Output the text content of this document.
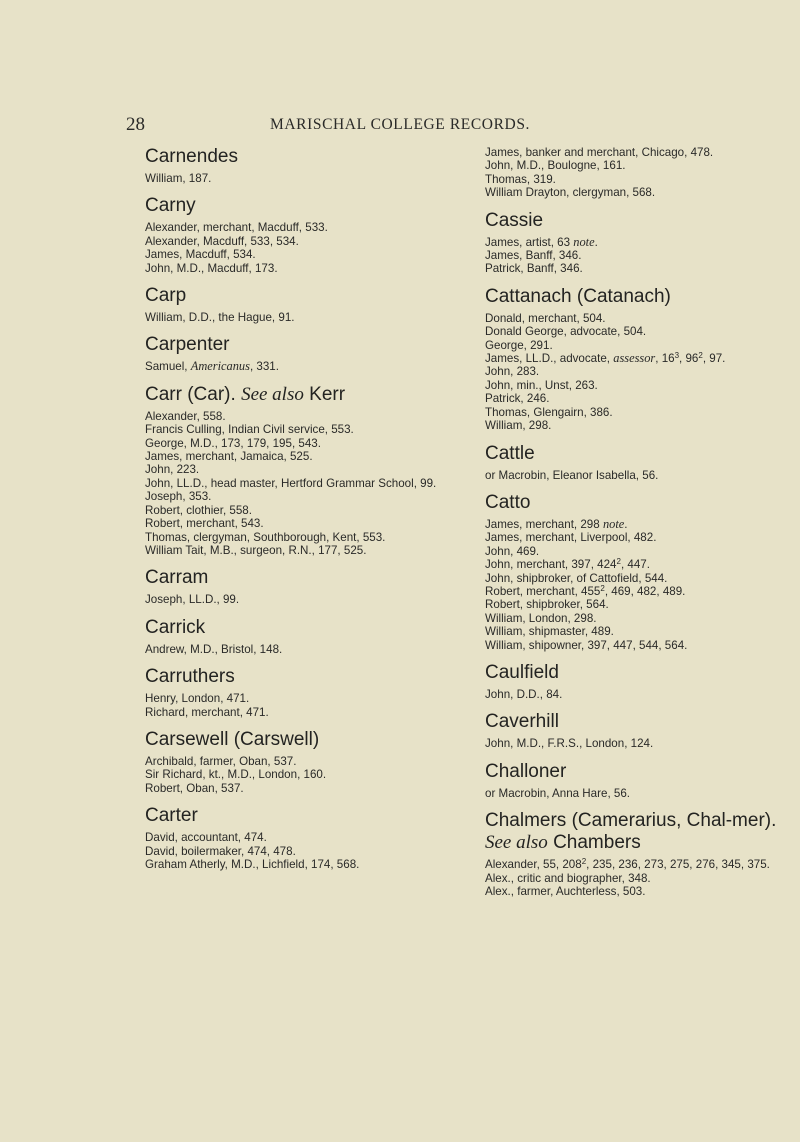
28	MARISCHAL COLLEGE RECORDS.
Carnendes

William, 187.

Carny

Alexander, merchant, Macduff, 533.

Alexander, Macduff, 533, 534.

James, Macduff, 534.

John, M.D., Macduff, 173.

Carp

William, D.D., the Hague, 91.

Carpenter

Samuel, Americanus, 331.

Carr (Car). See also Kerr

Alexander, 558.

Francis Culling, Indian Civil service, 553.

George, M.D., 173, 179, 195, 543.

James, merchant, Jamaica, 525.

John, 223.

John, LL.D., head master, Hertford Grammar School, 99.

Joseph, 353.

Robert, clothier, 558.

Robert, merchant, 543.

Thomas, clergyman, Southborough, Kent, 553.

William Tait, M.B., surgeon, R.N., 177, 525.

Carram

Joseph, LL.D., 99.

Carrick

Andrew, M.D., Bristol, 148.

Carruthers

Henry, London, 471.

Richard, merchant, 471.

Carsewell (Carswell)

Archibald, farmer, Oban, 537.

Sir Richard, kt., M.D., London, 160.

Robert, Oban, 537.

Carter

David, accountant, 474.

David, boilermaker, 474, 478.

Graham Atherly, M.D., Lichfield, 174, 568.

James, banker and merchant, Chicago, 478.

John, M.D., Boulogne, 161.

Thomas, 319.

William Drayton, clergyman, 568.

Cassie

James, artist, 63 note.

James, Banff, 346.

Patrick, Banff, 346.

Cattanach (Catanach)

Donald, merchant, 504.

Donald George, advocate, 504.

George, 291.

James, LL.D., advocate, assessor, $16^3$, $96^2$, 97.

John, 283.

John, min., Unst, 263.

Patrick, 246.

Thomas, Glengairn, 386.

William, 298.

Cattle

or Macrobin, Eleanor Isabella, 56.

Catto

James, merchant, 298 note.

James, merchant, Liverpool, 482.

John, 469.

John, merchant, 397, $424^2$, 447.

John, shipbroker, of Cattofield, 544.

Robert, merchant, $455^2$, 469, 482, 489.

Robert, shipbroker, 564.

William, London, 298.

William, shipmaster, 489.

William, shipowner, 397, 447, 544, 564.

Caulfield

John, D.D., 84.

Caverhill

John, M.D., F.R.S., London, 124.

Challoner

or Macrobin, Anna Hare, 56.

Chalmers (Camerarius, Chal-mer). See also Chambers

Alexander, 55, $208^2$, 235, 236, 273, 275, 276, 345, 375.

Alex., critic and biographer, 348.

Alex., farmer, Auchterless, 503.
